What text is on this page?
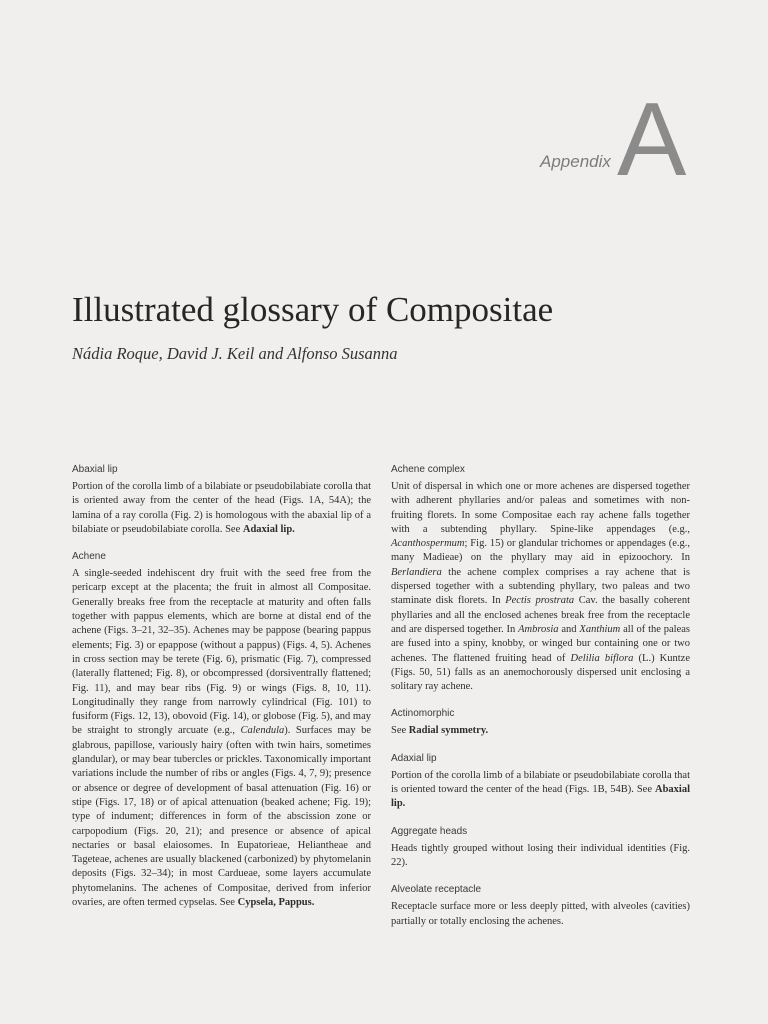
Appendix A
Illustrated glossary of Compositae
Nádia Roque, David J. Keil and Alfonso Susanna
Abaxial lip

Portion of the corolla limb of a bilabiate or pseudobilabiate corolla that is oriented away from the center of the head (Figs. 1A, 54A); the lamina of a ray corolla (Fig. 2) is homologous with the abaxial lip of a bilabiate or pseudobilabiate corolla. See Adaxial lip.

Achene

A single-seeded indehiscent dry fruit with the seed free from the pericarp except at the placenta; the fruit in almost all Compositae. Generally breaks free from the receptacle at maturity and often falls together with pappus elements, which are borne at distal end of the achene (Figs. 3–21, 32–35). Achenes may be pappose (bearing pappus elements; Fig. 3) or epappose (without a pappus) (Figs. 4, 5). Achenes in cross section may be terete (Fig. 6), prismatic (Fig. 7), compressed (laterally flattened; Fig. 8), or obcompressed (dorsiventrally flattened; Fig. 11), and may bear ribs (Fig. 9) or wings (Figs. 8, 10, 11). Longitudinally they range from narrowly cylindrical (Fig. 101) to fusiform (Figs. 12, 13), obovoid (Fig. 14), or globose (Fig. 5), and may be straight to strongly arcuate (e.g., Calendula). Surfaces may be glabrous, papillose, variously hairy (often with twin hairs, sometimes glandular), or may bear tubercles or prickles. Taxonomically important variations include the number of ribs or angles (Figs. 4, 7, 9); presence or absence or degree of development of basal attenuation (Fig. 16) or stipe (Figs. 17, 18) or of apical attenuation (beaked achene; Fig. 19); type of indument; differences in form of the abscission zone or carpopodium (Figs. 20, 21); and presence or absence of apical nectaries or basal elaiosomes. In Eupatorieae, Heliantheae and Tageteae, achenes are usually blackened (carbonized) by phytomelanin deposits (Figs. 32–34); in most Cardueae, some layers accumulate phytomelanins. The achenes of Compositae, derived from inferior ovaries, are often termed cypselas. See Cypsela, Pappus.

Achene complex

Unit of dispersal in which one or more achenes are dispersed together with adherent phyllaries and/or paleas and sometimes with non-fruiting florets. In some Compositae each ray achene falls together with a subtending phyllary. Spine-like appendages (e.g., Acanthospermum; Fig. 15) or glandular trichomes or appendages (e.g., many Madieae) on the phyllary may aid in epizoochory. In Berlandiera the achene complex comprises a ray achene that is dispersed together with a subtending phyllary, two paleas and two staminate disk florets. In Pectis prostrata Cav. the basally coherent phyllaries and all the enclosed achenes break free from the receptacle and are dispersed together. In Ambrosia and Xanthium all of the paleas are fused into a spiny, knobby, or winged bur containing one or two achenes. The flattened fruiting head of Delilia biflora (L.) Kuntze (Figs. 50, 51) falls as an anemochorously dispersed unit enclosing a solitary ray achene.

Actinomorphic

See Radial symmetry.

Adaxial lip

Portion of the corolla limb of a bilabiate or pseudobilabiate corolla that is oriented toward the center of the head (Figs. 1B, 54B). See Abaxial lip.

Aggregate heads

Heads tightly grouped without losing their individual identities (Fig. 22).

Alveolate receptacle

Receptacle surface more or less deeply pitted, with alveoles (cavities) partially or totally enclosing the achenes.
